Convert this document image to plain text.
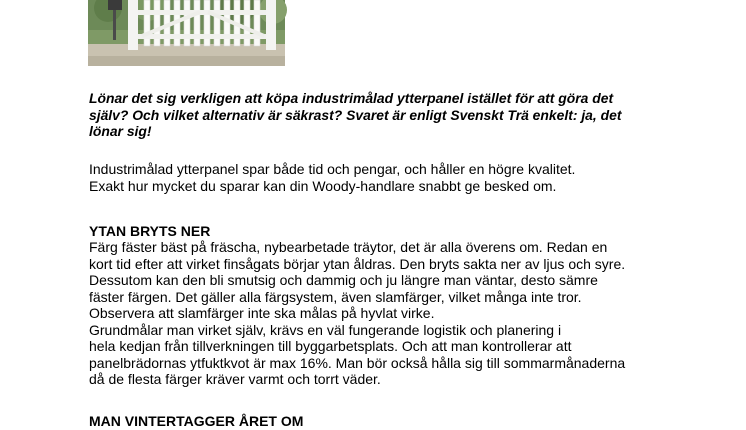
Lönar det sig verkligen att köpa industrimålad ytterpanel istället för att göra det
själv? Och vilket alternativ är säkrast? Svaret är enligt Svenskt Trä enkelt: ja, det
lönar sig!

Industrimålad ytterpanel spar både tid och pengar, och håller en högre kvalitet.
Exakt hur mycket du sparar kan din Woody-handlare snabbt ge besked om.

YTAN BRYTS NER

Färg fäster bäst på fräscha, nybearbetade träytor, det är alla överens om. Redan en
kort tid efter att virket finsågats börjar ytan åldras. Den bryts sakta ner av ljus och syre.
Dessutom kan den bli smutsig och dammig och ju längre man väntar, desto sämre
fäster färgen. Det gäller alla färgsystem, även slamfärger, vilket många inte tror.
Observera att slamfärger inte ska målas på hyvlat virke.
Grundmålar man virket själv, krävs en väl fungerande logistik och planering i
hela kedjan från tillverkningen till byggarbetsplats. Och att man kontrollerar att
panelbrädornas ytfuktkvot är max 16%. Man bör också hålla sig till sommarmånaderna
då de flesta färger kräver varmt och torrt väder.

MAN VINTERTAGGER ÅRET OM
